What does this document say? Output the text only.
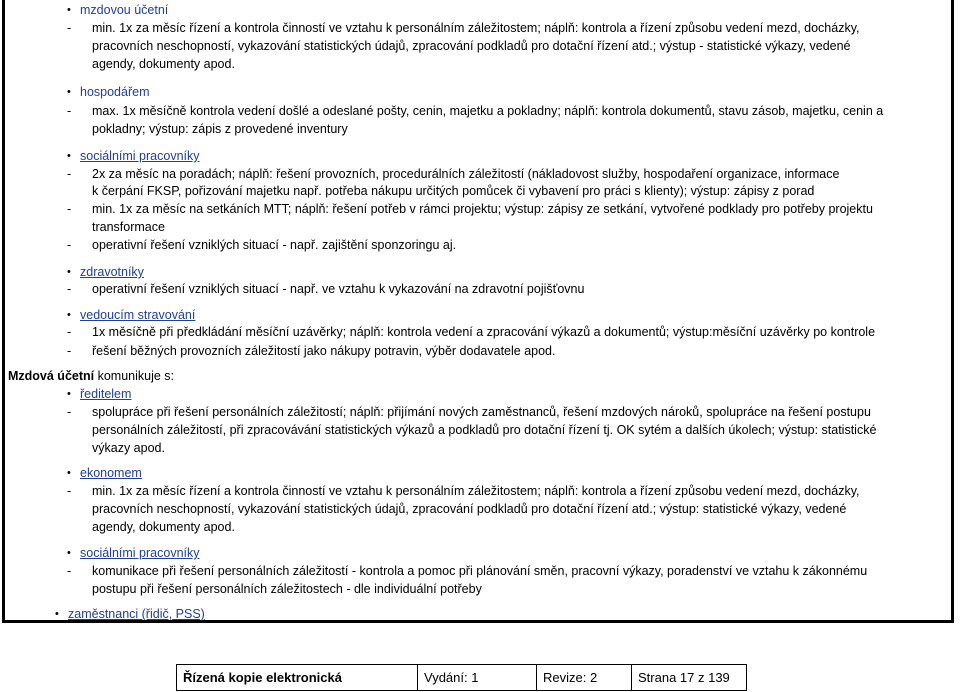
• mzdovou účetní
- min. 1x za měsíc řízení a kontrola činností ve vztahu k personálním záležitostem; náplň: kontrola a řízení způsobu vedení mezd, docházky,
pracovních neschopností, vykazování statistických údajů, zpracování podkladů pro dotační řízení atd.; výstup - statistické výkazy, vedené
agendy, dokumenty apod.
• hospodářem
- max. 1x měsíčně kontrola vedení došlé a odeslané pošty, cenin, majetku a pokladny; náplň: kontrola dokumentů, stavu zásob, majetku, cenin a
pokladny; výstup: zápis z provedené inventury
• sociálními pracovníky
- 2x za měsíc na poradách; náplň: řešení provozních, procedurálních záležitostí (nákladovost služby, hospodaření organizace, informace
k čerpání FKSP, pořizování majetku např. potřeba nákupu určitých pomůcek či vybavení pro práci s klienty); výstup: zápisy z porad
- min. 1x za měsíc na setkáních MTT; náplň: řešení potřeb v rámci projektu; výstup: zápisy ze setkání, vytvořené podklady pro potřeby projektu
transformace
- operativní řešení vzniklých situací - např. zajištění sponzoringu aj.
• zdravotníky
- operativní řešení vzniklých situací - např. ve vztahu k vykazování na zdravotní pojišťovnu
• vedoucím stravování
- 1x měsíčně při předkládání měsíční uzávěrky; náplň: kontrola vedení a zpracování výkazů a dokumentů; výstup:měsíční uzávěrky po kontrole
- řešení běžných provozních záležitostí jako nákupy potravin, výběr dodavatele apod.
Mzdová účetní komunikuje s:
• ředitelem
- spolupráce při řešení personálních záležitostí; náplň: přijímání nových zaměstnanců, řešení mzdových nároků, spolupráce na řešení postupu
personálních záležitostí, při zpracovávání statistických výkazů a podkladů pro dotační řízení tj. OK sytém a dalších úkolech; výstup: statistické
výkazy apod.
• ekonomem
- min. 1x za měsíc řízení a kontrola činností ve vztahu k personálním záležitostem; náplň: kontrola a řízení způsobu vedení mezd, docházky,
pracovních neschopností, vykazování statistických údajů, zpracování podkladů pro dotační řízení atd.; výstup: statistické výkazy, vedené
agendy, dokumenty apod.
• sociálními pracovníky
- komunikace při řešení personálních záležitostí - kontrola a pomoc při plánování směn, pracovní výkazy, poradenství ve vztahu k zákonnému
postupu při řešení personálních záležitostech - dle individuální potřeby
• zaměstnanci (řidič, PSS)
Řízená kopie elektronická	Vydání: 1	Revize: 2	Strana 17 z 139
